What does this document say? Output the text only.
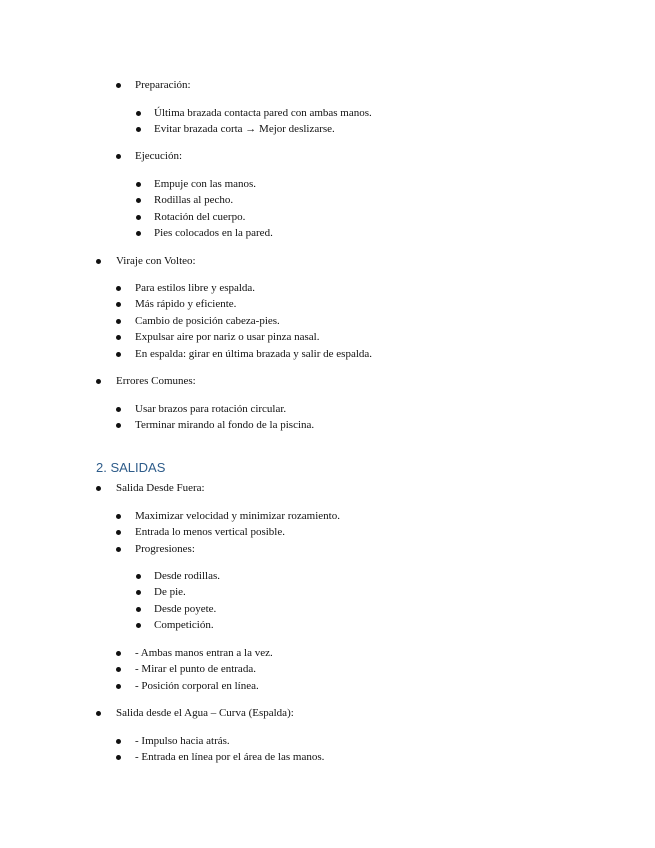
Preparación:
Última brazada contacta pared con ambas manos.
Evitar brazada corta → Mejor deslizarse.
Ejecución:
Empuje con las manos.
Rodillas al pecho.
Rotación del cuerpo.
Pies colocados en la pared.
Viraje con Volteo:
Para estilos libre y espalda.
Más rápido y eficiente.
Cambio de posición cabeza-pies.
Expulsar aire por nariz o usar pinza nasal.
En espalda: girar en última brazada y salir de espalda.
Errores Comunes:
Usar brazos para rotación circular.
Terminar mirando al fondo de la piscina.
2. SALIDAS
Salida Desde Fuera:
Maximizar velocidad y minimizar rozamiento.
Entrada lo menos vertical posible.
Progresiones:
Desde rodillas.
De pie.
Desde poyete.
Competición.
- Ambas manos entran a la vez.
- Mirar el punto de entrada.
- Posición corporal en línea.
Salida desde el Agua – Curva (Espalda):
- Impulso hacia atrás.
- Entrada en línea por el área de las manos.
